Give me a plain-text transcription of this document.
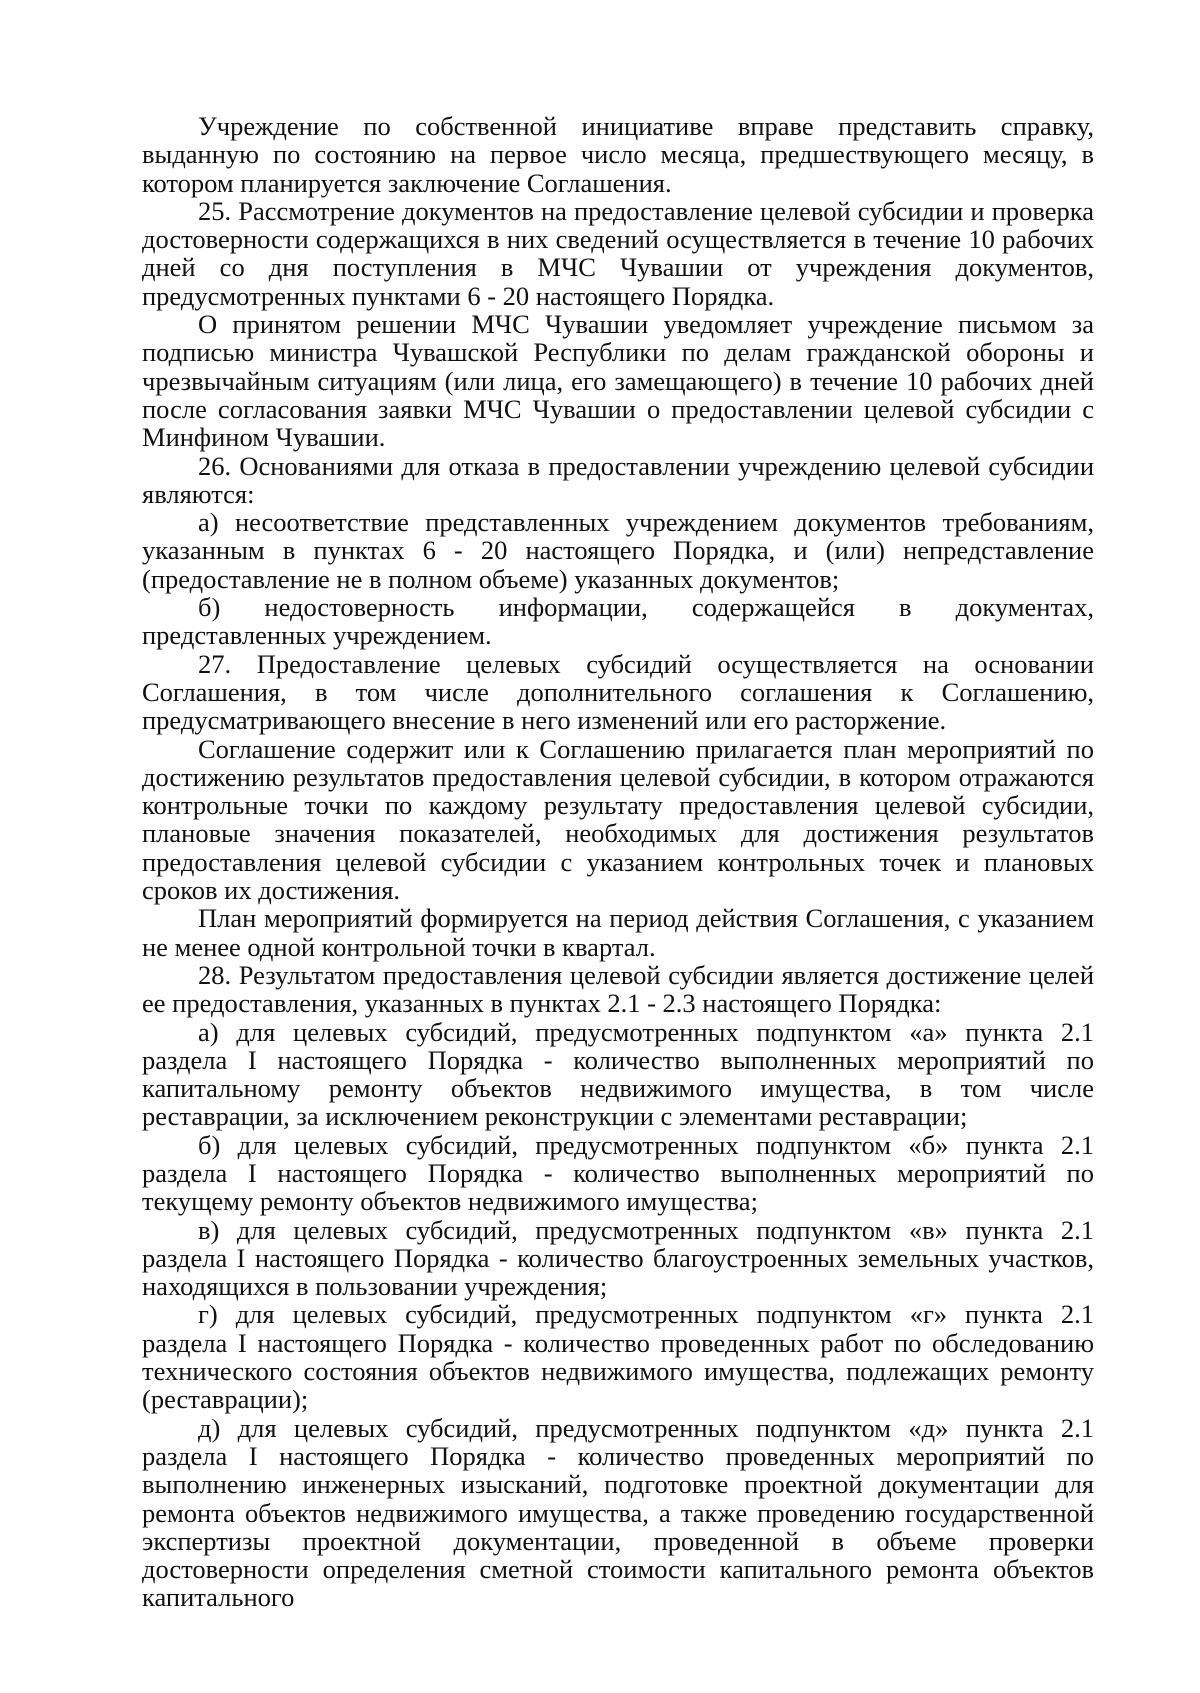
Учреждение по собственной инициативе вправе представить справку, выданную по состоянию на первое число месяца, предшествующего месяцу, в котором планируется заключение Соглашения.

25. Рассмотрение документов на предоставление целевой субсидии и проверка достоверности содержащихся в них сведений осуществляется в течение 10 рабочих дней со дня поступления в МЧС Чувашии от учреждения документов, предусмотренных пунктами 6 - 20 настоящего Порядка.

О принятом решении МЧС Чувашии уведомляет учреждение письмом за подписью министра Чувашской Республики по делам гражданской обороны и чрезвычайным ситуациям (или лица, его замещающего) в течение 10 рабочих дней после согласования заявки МЧС Чувашии о предоставлении целевой субсидии с Минфином Чувашии.

26. Основаниями для отказа в предоставлении учреждению целевой субсидии являются:

а) несоответствие представленных учреждением документов требованиям, указанным в пунктах 6 - 20 настоящего Порядка, и (или) непредставление (предоставление не в полном объеме) указанных документов;

б) недостоверность информации, содержащейся в документах, представленных учреждением.

27. Предоставление целевых субсидий осуществляется на основании Соглашения, в том числе дополнительного соглашения к Соглашению, предусматривающего внесение в него изменений или его расторжение.

Соглашение содержит или к Соглашению прилагается план мероприятий по достижению результатов предоставления целевой субсидии, в котором отражаются контрольные точки по каждому результату предоставления целевой субсидии, плановые значения показателей, необходимых для достижения результатов предоставления целевой субсидии с указанием контрольных точек и плановых сроков их достижения.

План мероприятий формируется на период действия Соглашения, с указанием не менее одной контрольной точки в квартал.

28. Результатом предоставления целевой субсидии является достижение целей ее предоставления, указанных в пунктах 2.1 - 2.3 настоящего Порядка:

а) для целевых субсидий, предусмотренных подпунктом «а» пункта 2.1 раздела I настоящего Порядка - количество выполненных мероприятий по капитальному ремонту объектов недвижимого имущества, в том числе реставрации, за исключением реконструкции с элементами реставрации;

б) для целевых субсидий, предусмотренных подпунктом «б» пункта 2.1 раздела I настоящего Порядка - количество выполненных мероприятий по текущему ремонту объектов недвижимого имущества;

в) для целевых субсидий, предусмотренных подпунктом «в» пункта 2.1 раздела I настоящего Порядка - количество благоустроенных земельных участков, находящихся в пользовании учреждения;

г) для целевых субсидий, предусмотренных подпунктом «г» пункта 2.1 раздела I настоящего Порядка - количество проведенных работ по обследованию технического состояния объектов недвижимого имущества, подлежащих ремонту (реставрации);

д) для целевых субсидий, предусмотренных подпунктом «д» пункта 2.1 раздела I настоящего Порядка - количество проведенных мероприятий по выполнению инженерных изысканий, подготовке проектной документации для ремонта объектов недвижимого имущества, а также проведению государственной экспертизы проектной документации, проведенной в объеме проверки достоверности определения сметной стоимости капитального ремонта объектов капитального
